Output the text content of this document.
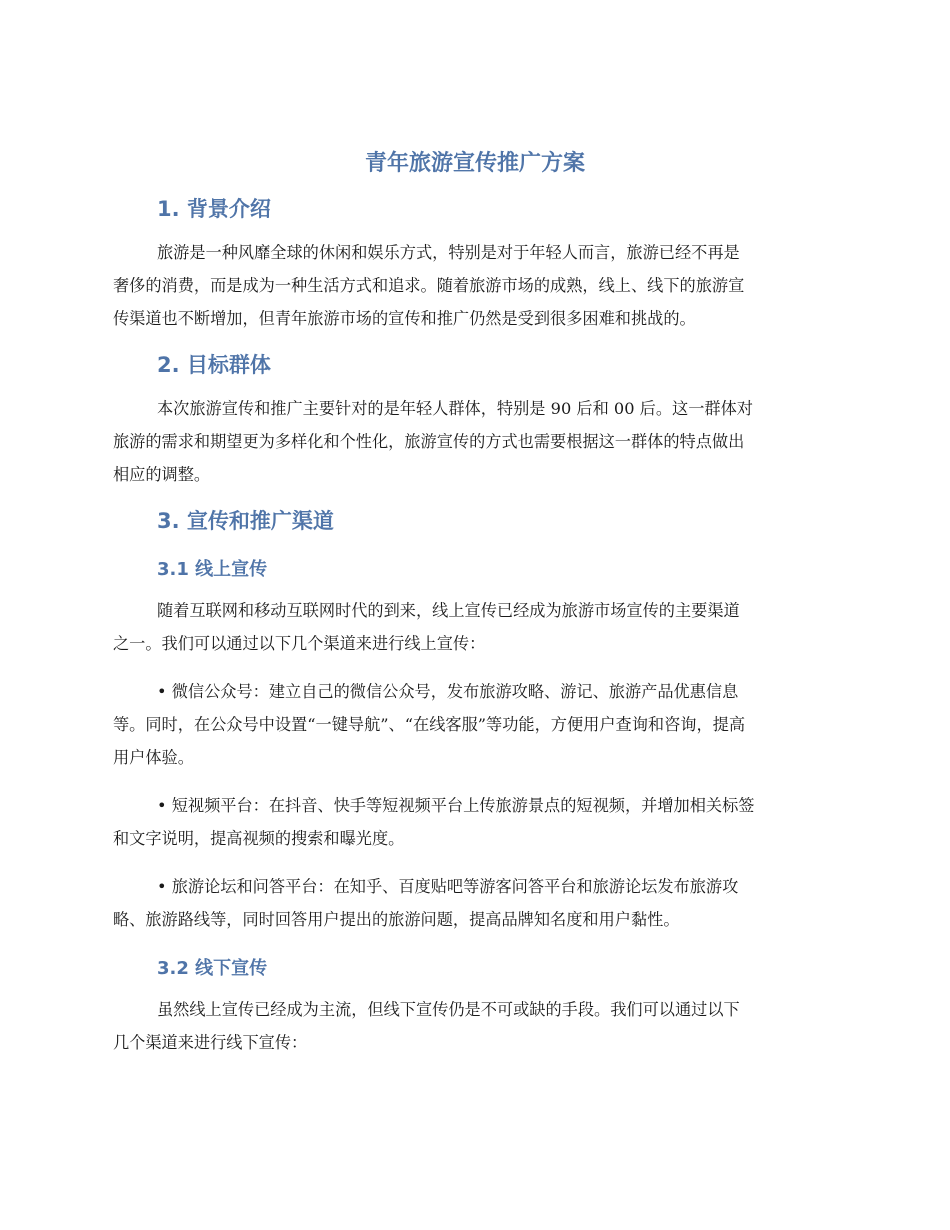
青年旅游宣传推广方案
1. 背景介绍

旅游是一种风靡全球的休闲和娱乐方式，特别是对于年轻人而言，旅游已经不再是
奢侈的消费，而是成为一种生活方式和追求。随着旅游市场的成熟，线上、线下的旅游宣
传渠道也不断增加，但青年旅游市场的宣传和推广仍然是受到很多困难和挑战的。

2. 目标群体

本次旅游宣传和推广主要针对的是年轻人群体，特别是 90 后和 00 后。这一群体对
旅游的需求和期望更为多样化和个性化，旅游宣传的方式也需要根据这一群体的特点做出
相应的调整。

3. 宣传和推广渠道
3.1 线上宣传

随着互联网和移动互联网时代的到来，线上宣传已经成为旅游市场宣传的主要渠道
之一。我们可以通过以下几个渠道来进行线上宣传：

• 微信公众号：建立自己的微信公众号，发布旅游攻略、游记、旅游产品优惠信息
等。同时，在公众号中设置“一键导航”、“在线客服”等功能，方便用户查询和咨询，提高
用户体验。

• 短视频平台：在抖音、快手等短视频平台上传旅游景点的短视频，并增加相关标签
和文字说明，提高视频的搜索和曝光度。

• 旅游论坛和问答平台：在知乎、百度贴吧等游客问答平台和旅游论坛发布旅游攻
略、旅游路线等，同时回答用户提出的旅游问题，提高品牌知名度和用户黏性。

3.2 线下宣传

虽然线上宣传已经成为主流，但线下宣传仍是不可或缺的手段。我们可以通过以下
几个渠道来进行线下宣传：
